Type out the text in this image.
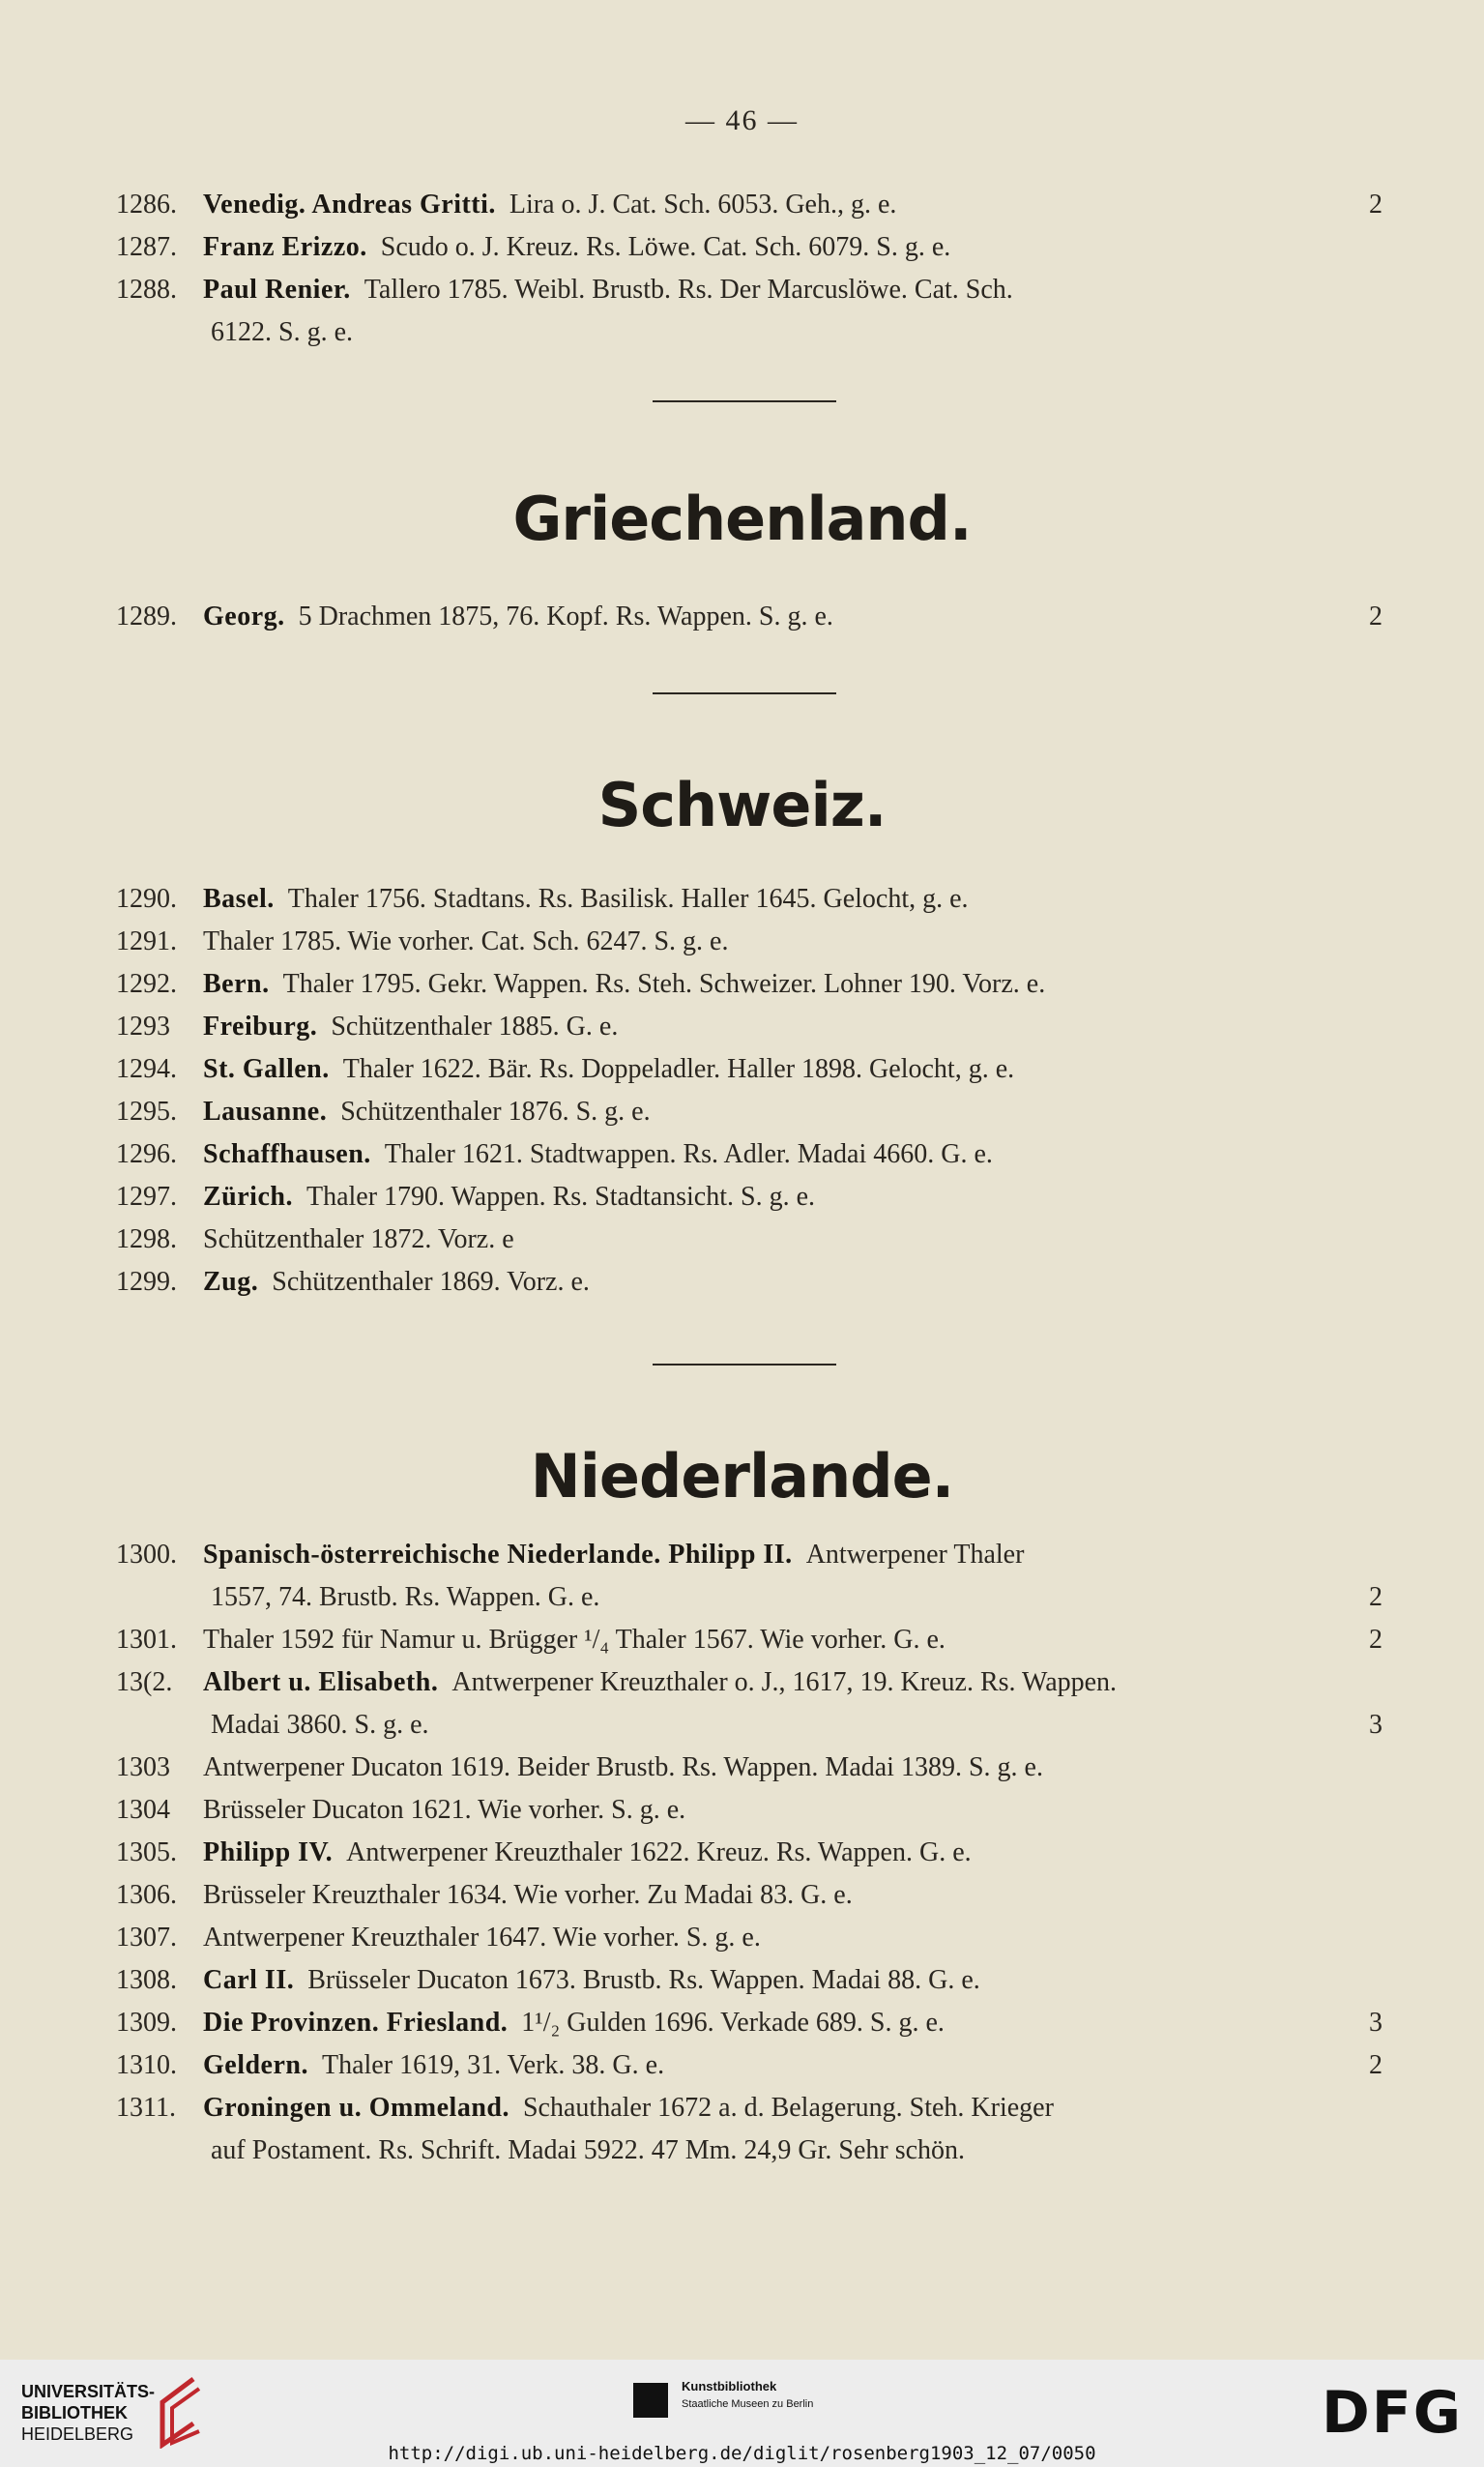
— 46 —
1286. Venedig. Andreas Gritti. Lira o. J. Cat. Sch. 6053. Geh., g. e.	2
1287. Franz Erizzo. Scudo o. J. Kreuz. Rs. Löwe. Cat. Sch. 6079. S. g. e.
1288. Paul Renier. Tallero 1785. Weibl. Brustb. Rs. Der Marcuslöwe. Cat. Sch.
6122. S. g. e.
Griechenland.
1289. Georg. 5 Drachmen 1875, 76. Kopf. Rs. Wappen. S. g. e.	2
Schweiz.
1290. Basel. Thaler 1756. Stadtans. Rs. Basilisk. Haller 1645. Gelocht, g. e.
1291. Thaler 1785. Wie vorher. Cat. Sch. 6247. S. g. e.
1292. Bern. Thaler 1795. Gekr. Wappen. Rs. Steh. Schweizer. Lohner 190. Vorz. e.
1293 Freiburg. Schützenthaler 1885. G. e.
1294. St. Gallen. Thaler 1622. Bär. Rs. Doppeladler. Haller 1898. Gelocht, g. e.
1295. Lausanne. Schützenthaler 1876. S. g. e.
1296. Schaffhausen. Thaler 1621. Stadtwappen. Rs. Adler. Madai 4660. G. e.
1297. Zürich. Thaler 1790. Wappen. Rs. Stadtansicht. S. g. e.
1298. Schützenthaler 1872. Vorz. e
1299. Zug. Schützenthaler 1869. Vorz. e.
Niederlande.
1300. Spanisch-österreichische Niederlande. Philipp II. Antwerpener Thaler
1557, 74. Brustb. Rs. Wappen. G. e.	2
1301. Thaler 1592 für Namur u. Brügger ¹/₄ Thaler 1567. Wie vorher. G. e.	2
13(2. Albert u. Elisabeth. Antwerpener Kreuzthaler o. J., 1617, 19. Kreuz. Rs. Wappen.
Madai 3860. S. g. e.	3
1303 Antwerpener Ducaton 1619. Beider Brustb. Rs. Wappen. Madai 1389. S. g. e.
1304 Brüsseler Ducaton 1621. Wie vorher. S. g. e.
1305. Philipp IV. Antwerpener Kreuzthaler 1622. Kreuz. Rs. Wappen. G. e.
1306. Brüsseler Kreuzthaler 1634. Wie vorher. Zu Madai 83. G. e.
1307. Antwerpener Kreuzthaler 1647. Wie vorher. S. g. e.
1308. Carl II. Brüsseler Ducaton 1673. Brustb. Rs. Wappen. Madai 88. G. e.
1309. Die Provinzen. Friesland. 1¹/₂ Gulden 1696. Verkade 689. S. g. e.	3
1310. Geldern. Thaler 1619, 31. Verk. 38. G. e.	2
1311. Groningen u. Ommeland. Schauthaler 1672 a. d. Belagerung. Steh. Krieger
auf Postament. Rs. Schrift. Madai 5922. 47 Mm. 24,9 Gr. Sehr schön.
UNIVERSITÄTS-
BIBLIOTHEK
HEIDELBERG
Kunstbibliothek
Staatliche Museen zu Berlin	DFG
http://digi.ub.uni-heidelberg.de/diglit/rosenberg1903_12_07/0050
